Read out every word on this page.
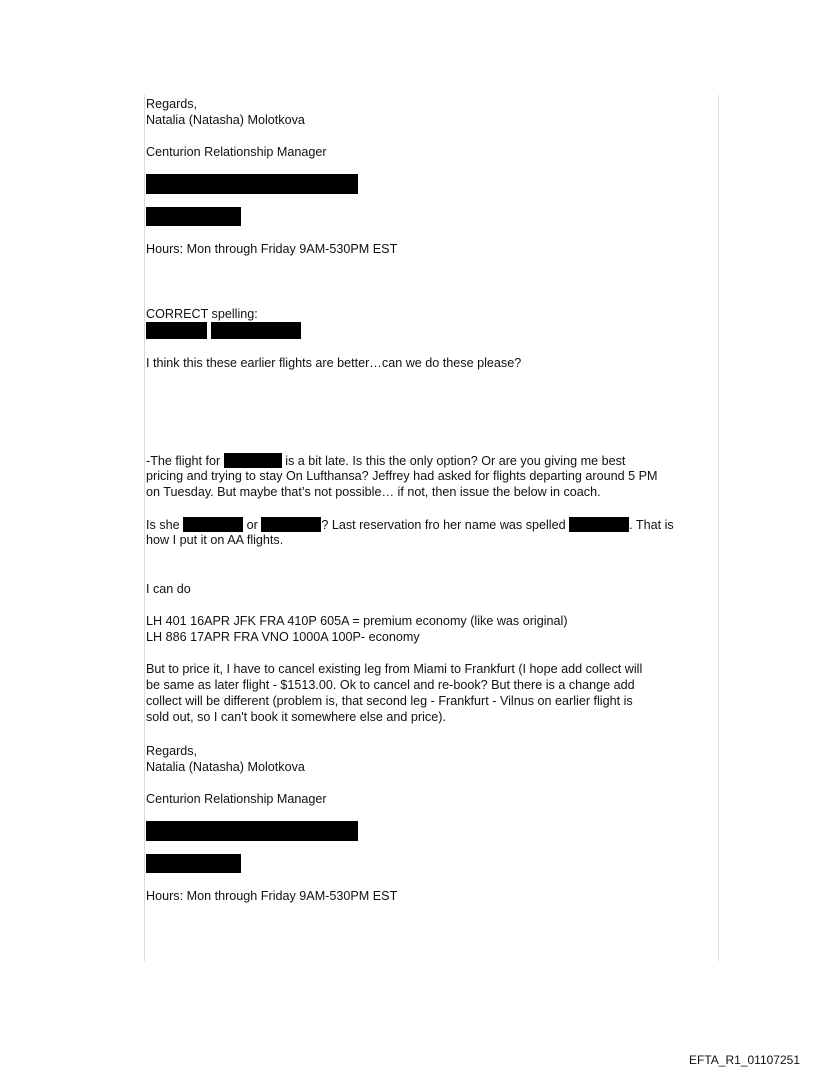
Regards,
Natalia (Natasha) Molotkova
Centurion Relationship Manager
Hours: Mon through Friday 9AM-530PM EST
CORRECT spelling:
I think this these earlier flights are better…can we do these please?
-The flight for	is a bit late. Is this the only option? Or are you giving me best
pricing and trying to stay On Lufthansa? Jeffrey had asked for flights departing around 5 PM
on Tuesday. But maybe that’s not possible… if not, then issue the below in coach.
Is she	or	? Last reservation fro her name was spelled	. That is
how I put it on AA flights.
I can do
LH 401 16APR JFK FRA 410P 605A = premium economy (like was original)
LH 886 17APR FRA VNO 1000A 100P- economy
But to price it, I have to cancel existing leg from Miami to Frankfurt (I hope add collect will
be same as later flight - $1513.00. Ok to cancel and re-book? But there is a change add
collect will be different (problem is, that second leg - Frankfurt - Vilnus on earlier flight is
sold out, so I can't book it somewhere else and price).
Regards,
Natalia (Natasha) Molotkova
Centurion Relationship Manager
Hours: Mon through Friday 9AM-530PM EST
EFTA_R1_01107251
